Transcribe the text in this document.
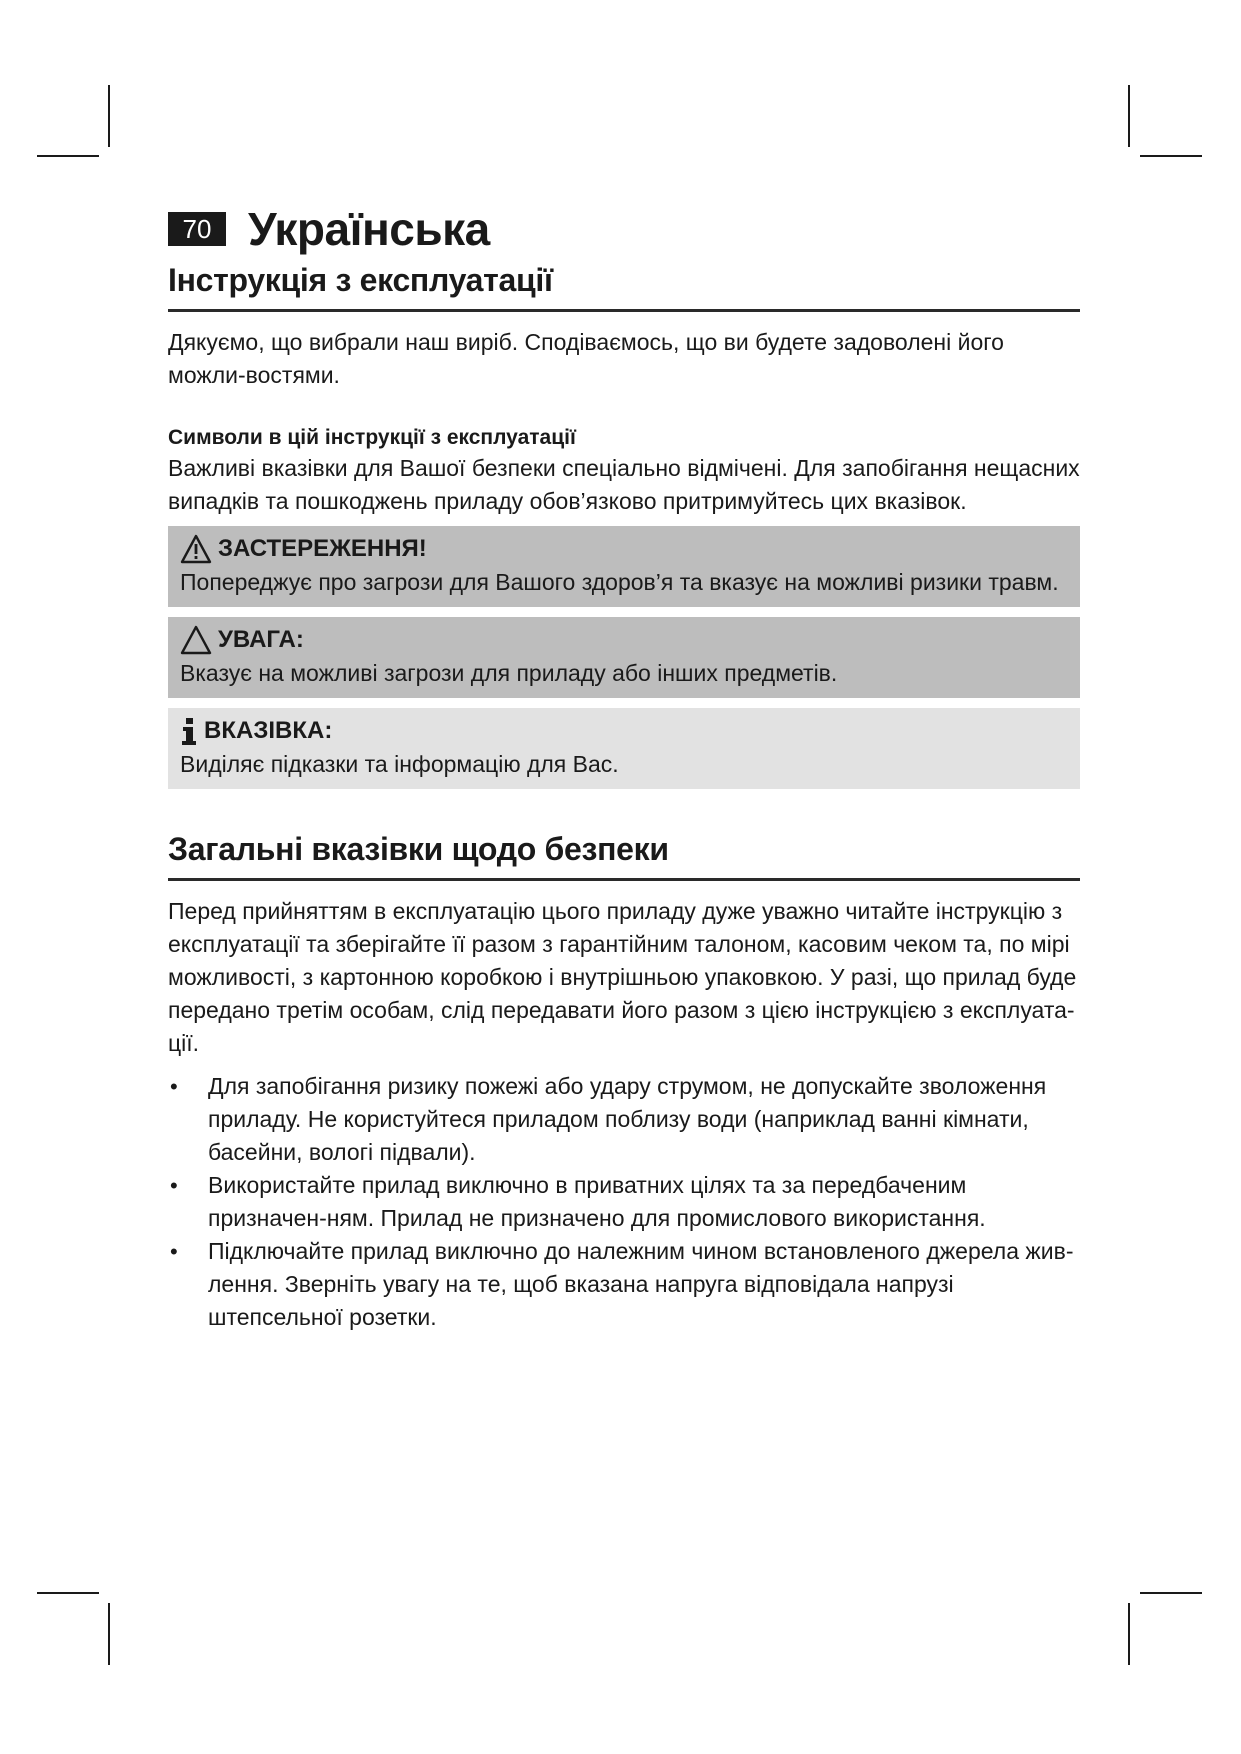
70 Українська
Інструкція з експлуатації
Дякуємо, що вибрали наш виріб. Сподіваємось, що ви будете задоволені його можли-востями.
Символи в цій інструкції з експлуатації
Важливі вказівки для Вашої безпеки спеціально відмічені. Для запобігання нещасних випадків та пошкоджень приладу обов’язково притримуйтесь цих вказівок.
ЗАСТЕРЕЖЕННЯ!
Попереджує про загрози для Вашого здоров’я та вказує на можливі ризики травм.
УВАГА:
Вказує на можливі загрози для приладу або інших предметів.
ВКАЗІВКА:
Виділяє підказки та інформацію для Вас.
Загальні вказівки щодо безпеки
Перед прийняттям в експлуатацію цього приладу дуже уважно читайте інструкцію з експлуатації та зберігайте її разом з гарантійним талоном, касовим чеком та, по мірі можливості, з картонною коробкою і внутрішньою упаковкою. У разі, що прилад буде передано третім особам, слід передавати його разом з цією інструкцією з експлуата-ції.
• Для запобігання ризику пожежі або удару струмом, не допускайте зволоження приладу. Не користуйтеся приладом поблизу води (наприклад ванні кімнати, басейни, вологі підвали).
• Використайте прилад виключно в приватних цілях та за передбаченим призначен-ням. Прилад не призначено для промислового використання.
• Підключайте прилад виключно до належним чином встановленого джерела жив-лення. Зверніть увагу на те, щоб вказана напруга відповідала напрузі штепсельної розетки.
